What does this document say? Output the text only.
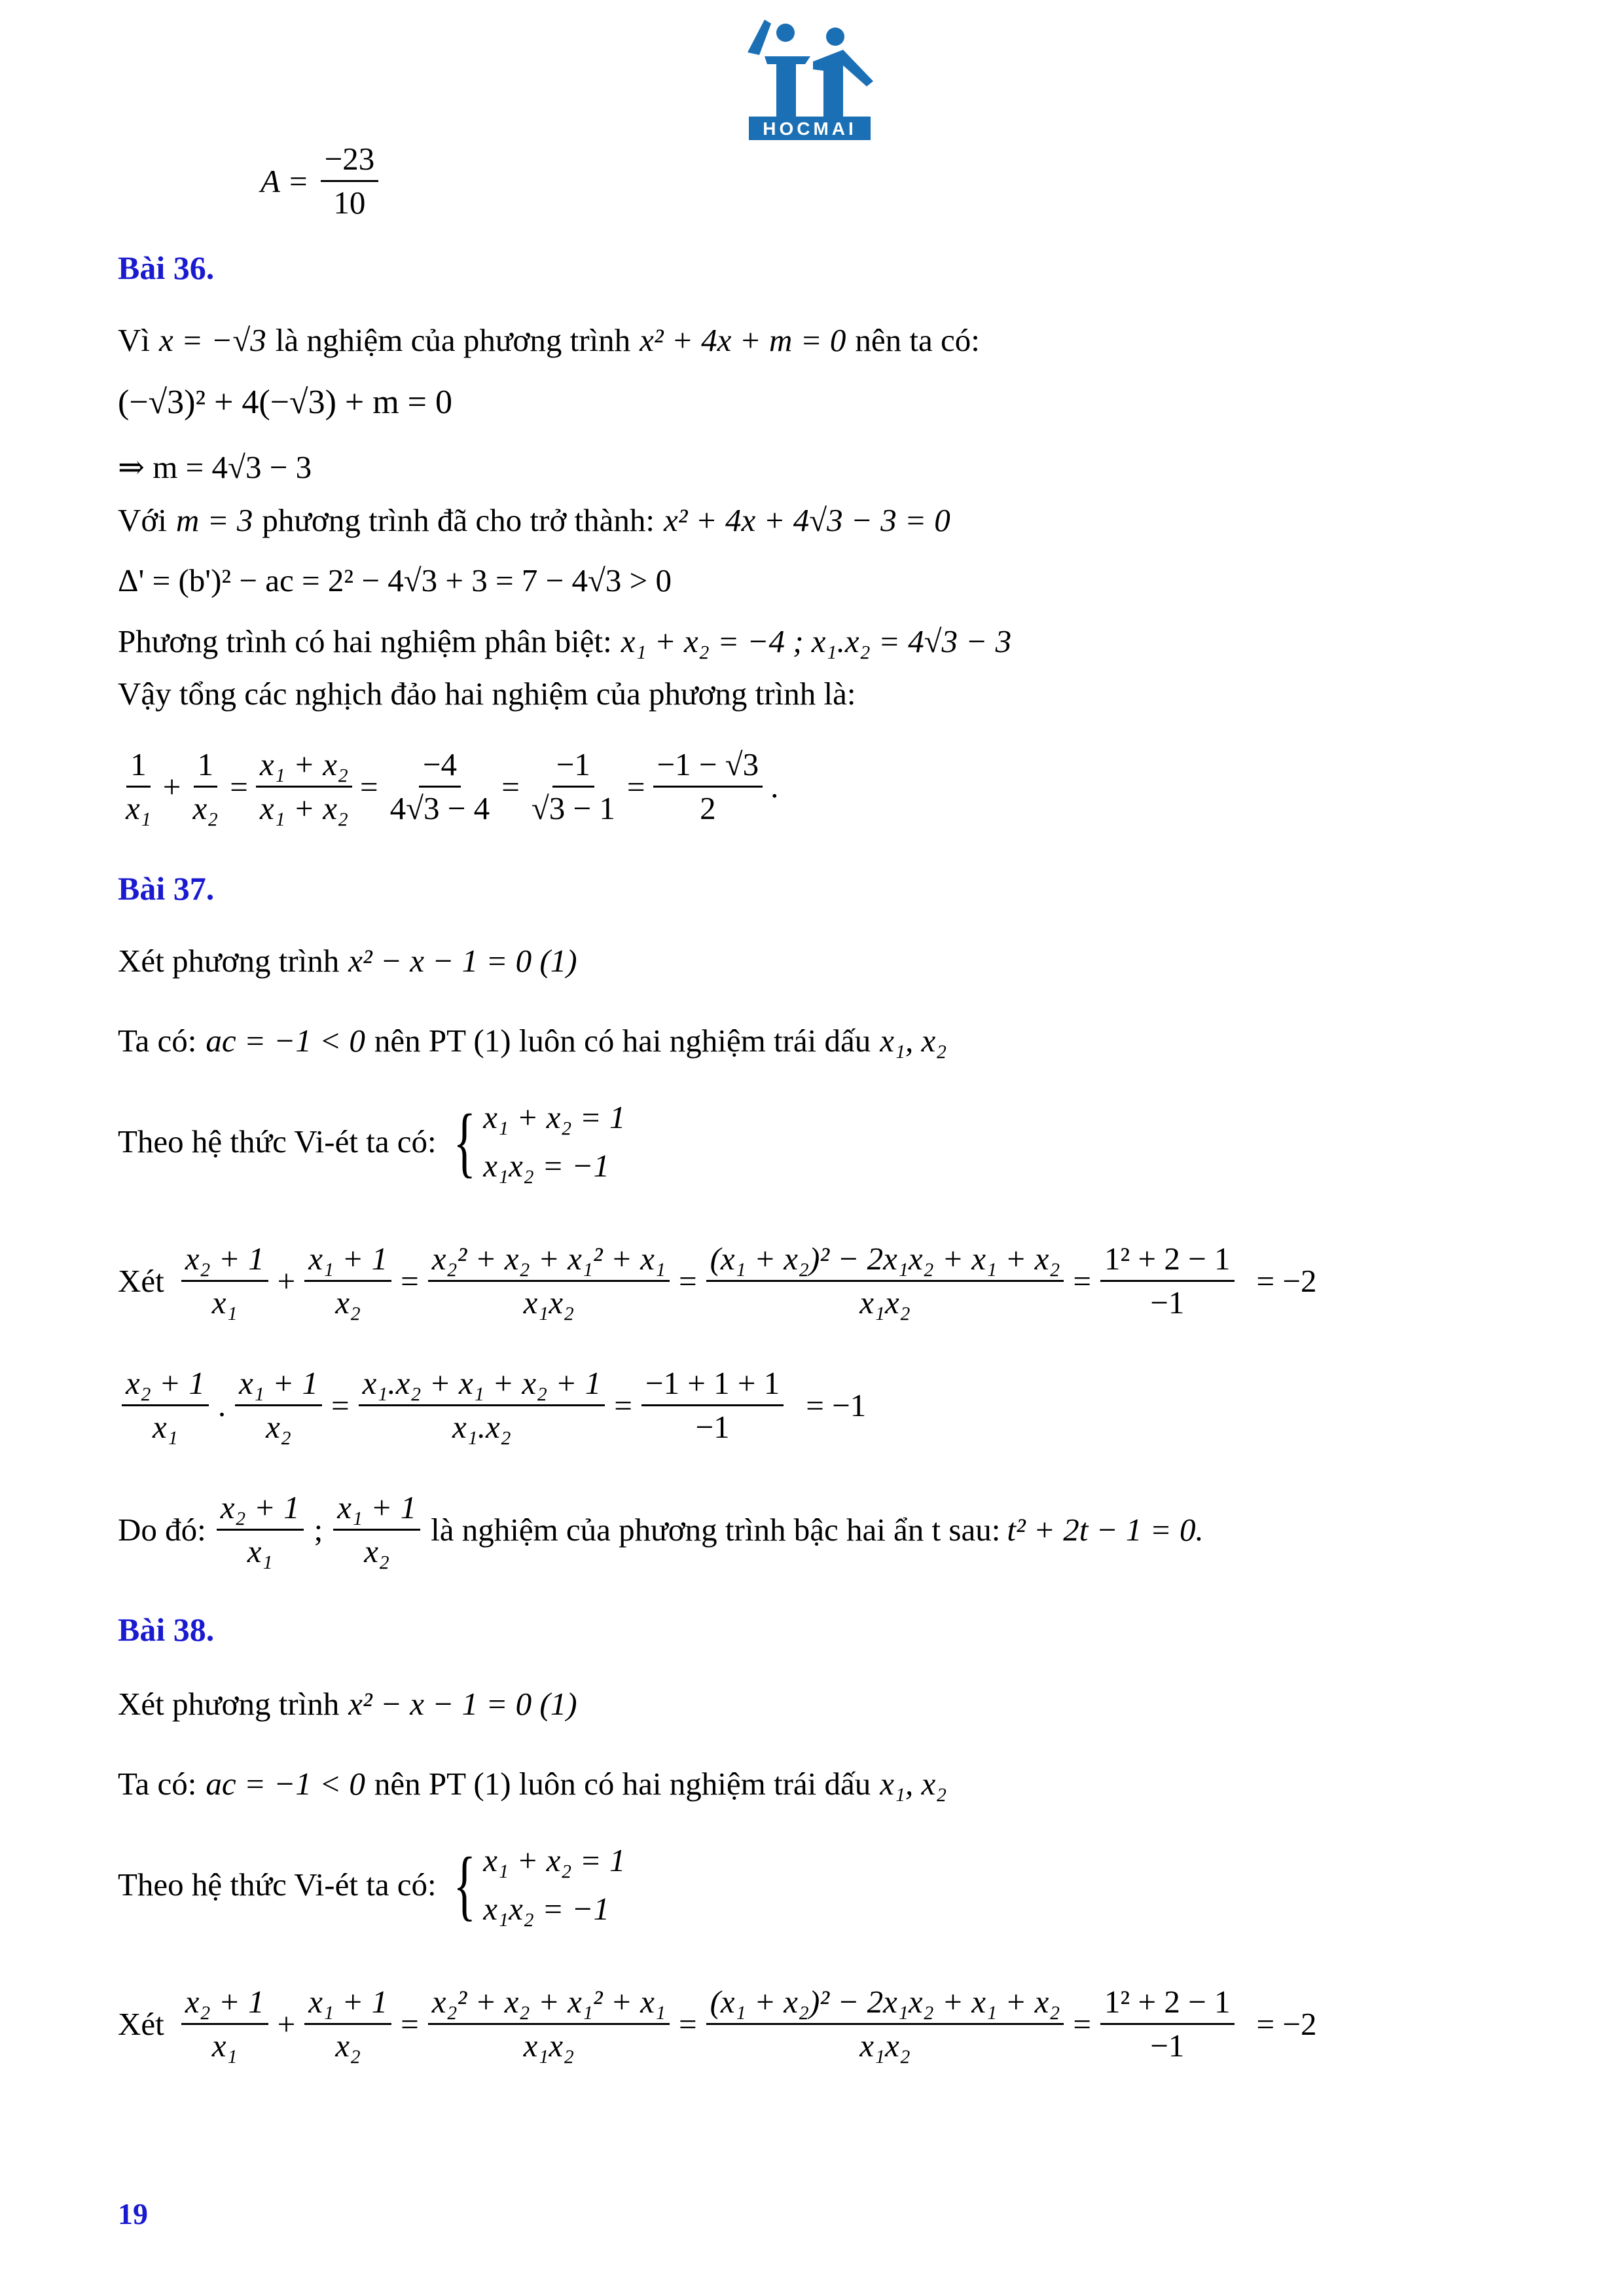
HOCMAI
$A = \frac{-23}{10}$
Bài 36.
Vì x = −√3 là nghiệm của phương trình x² + 4x + m = 0 nên ta có:
(−√3)² + 4(−√3) + m = 0
⇒ m = 4√3 − 3
Với m = 3 phương trình đã cho trở thành: x² + 4x + 4√3 − 3 = 0
Δ' = (b')² − ac = 2² − 4√3 + 3 = 7 − 4√3 > 0
Phương trình có hai nghiệm phân biệt: x₁ + x₂ = −4 ; x₁.x₂ = 4√3 − 3
Vậy tổng các nghịch đảo hai nghiệm của phương trình là:
$\frac{1}{\text{x₁}} + \frac{1}{\text{x₂}} = \frac{\text{x₁ + x₂}}{\text{x₁ + x₂}} = \frac{-4}{4√3 - 4} = \frac{-1}{√3 - 1} = \frac{-1 - √3}{2}$ .
Bài 37.
Xét phương trình x² − x − 1 = 0 (1)
Ta có: ac = −1 < 0 nên PT (1) luôn có hai nghiệm trái dấu x₁, x₂
Theo hệ thức Vi-ét ta có: { x₁ + x₂ = 1
x₁x₂ = −1
Xét $\frac{\text{x₂ + 1}}{\text{x₁}} + \frac{\text{x₁ + 1}}{\text{x₂}} = \frac{\text{x₂² + x₂ + x₁² + x₁}}{\text{x₁x₂}} = \frac{\text{(x₁ + x₂)² − 2x₁x₂ + x₁ + x₂}}{\text{x₁x₂}} = \frac{\text{1² + 2 − 1}}{-1} = -2$
$\frac{\text{x₂ + 1}}{\text{x₁}}$ . $\frac{\text{x₁ + 1}}{\text{x₂}} = \frac{\text{x₁.x₂ + x₁ + x₂ + 1}}{\text{x₁.x₂}} = \frac{-1 + 1 + 1}{-1} = -1$
Do đó: $\frac{\text{x₂ + 1}}{\text{x₁}}$ ; $\frac{\text{x₁ + 1}}{\text{x₂}}$ là nghiệm của phương trình bậc hai ẩn t sau: t² + 2t − 1 = 0.
Bài 38.
Xét phương trình x² − x − 1 = 0 (1)
Ta có: ac = −1 < 0 nên PT (1) luôn có hai nghiệm trái dấu x₁, x₂
Theo hệ thức Vi-ét ta có: { x₁ + x₂ = 1
x₁x₂ = −1
Xét $\frac{\text{x₂ + 1}}{\text{x₁}} + \frac{\text{x₁ + 1}}{\text{x₂}} = \frac{\text{x₂² + x₂ + x₁² + x₁}}{\text{x₁x₂}} = \frac{\text{(x₁ + x₂)² − 2x₁x₂ + x₁ + x₂}}{\text{x₁x₂}} = \frac{\text{1² + 2 − 1}}{-1} = -2$
19
